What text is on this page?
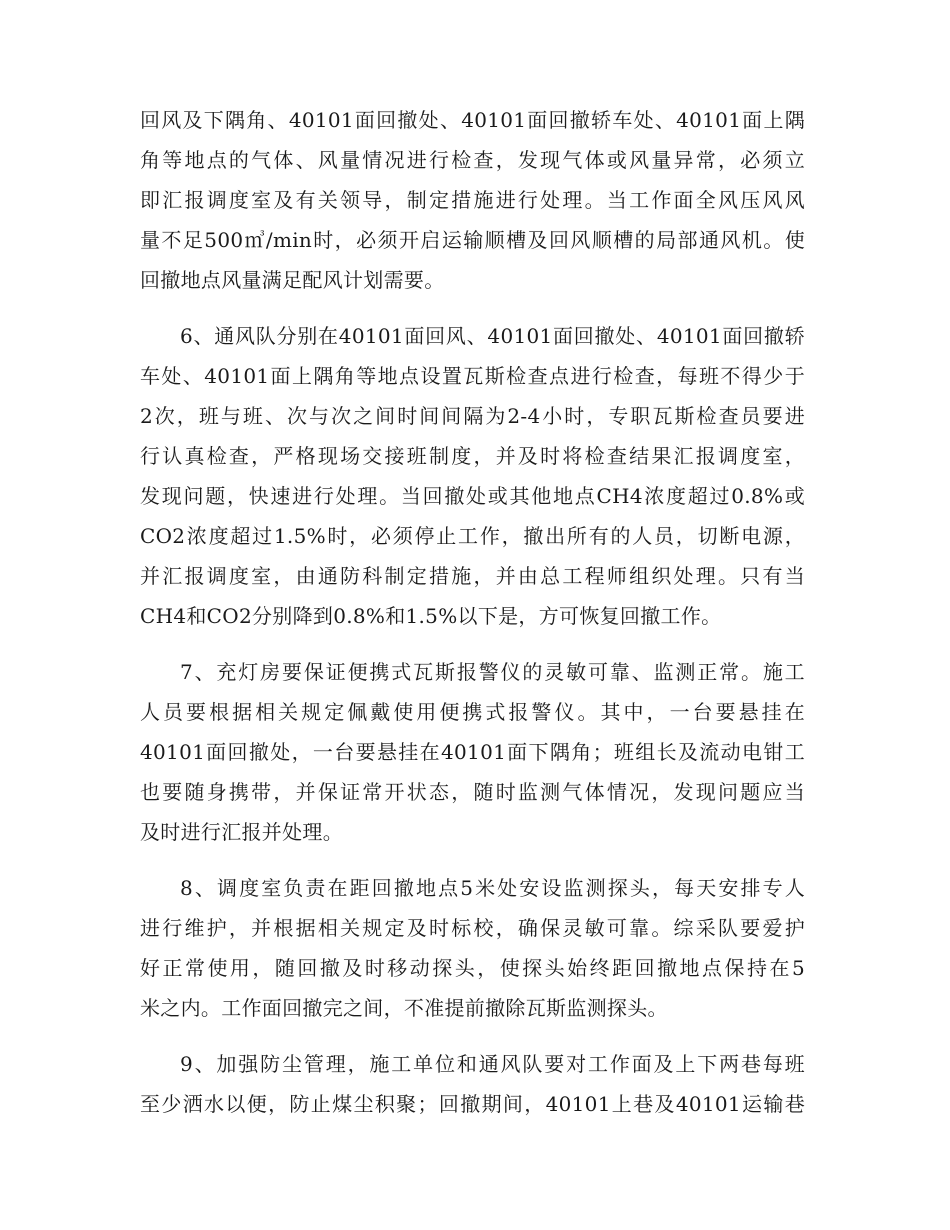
回风及下隅角、40101面回撤处、40101面回撤轿车处、40101面上隅
角等地点的气体、风量情况进行检查，发现气体或风量异常，必须立
即汇报调度室及有关领导，制定措施进行处理。当工作面全风压风风
量不足500㎥/min时，必须开启运输顺槽及回风顺槽的局部通风机。使
回撤地点风量满足配风计划需要。
6、通风队分别在40101面回风、40101面回撤处、40101面回撤轿
车处、40101面上隅角等地点设置瓦斯检查点进行检查，每班不得少于
2次，班与班、次与次之间时间间隔为2-4小时，专职瓦斯检查员要进
行认真检查，严格现场交接班制度，并及时将检查结果汇报调度室，
发现问题，快速进行处理。当回撤处或其他地点CH4浓度超过0.8%或
CO2浓度超过1.5%时，必须停止工作，撤出所有的人员，切断电源，
并汇报调度室，由通防科制定措施，并由总工程师组织处理。只有当
CH4和CO2分别降到0.8%和1.5%以下是，方可恢复回撤工作。
7、充灯房要保证便携式瓦斯报警仪的灵敏可靠、监测正常。施工
人员要根据相关规定佩戴使用便携式报警仪。其中，一台要悬挂在
40101面回撤处，一台要悬挂在40101面下隅角；班组长及流动电钳工
也要随身携带，并保证常开状态，随时监测气体情况，发现问题应当
及时进行汇报并处理。
8、调度室负责在距回撤地点5米处安设监测探头，每天安排专人
进行维护，并根据相关规定及时标校，确保灵敏可靠。综采队要爱护
好正常使用，随回撤及时移动探头，使探头始终距回撤地点保持在5
米之内。工作面回撤完之间，不准提前撤除瓦斯监测探头。
9、加强防尘管理，施工单位和通风队要对工作面及上下两巷每班
至少洒水以便，防止煤尘积聚；回撤期间，40101上巷及40101运输巷
